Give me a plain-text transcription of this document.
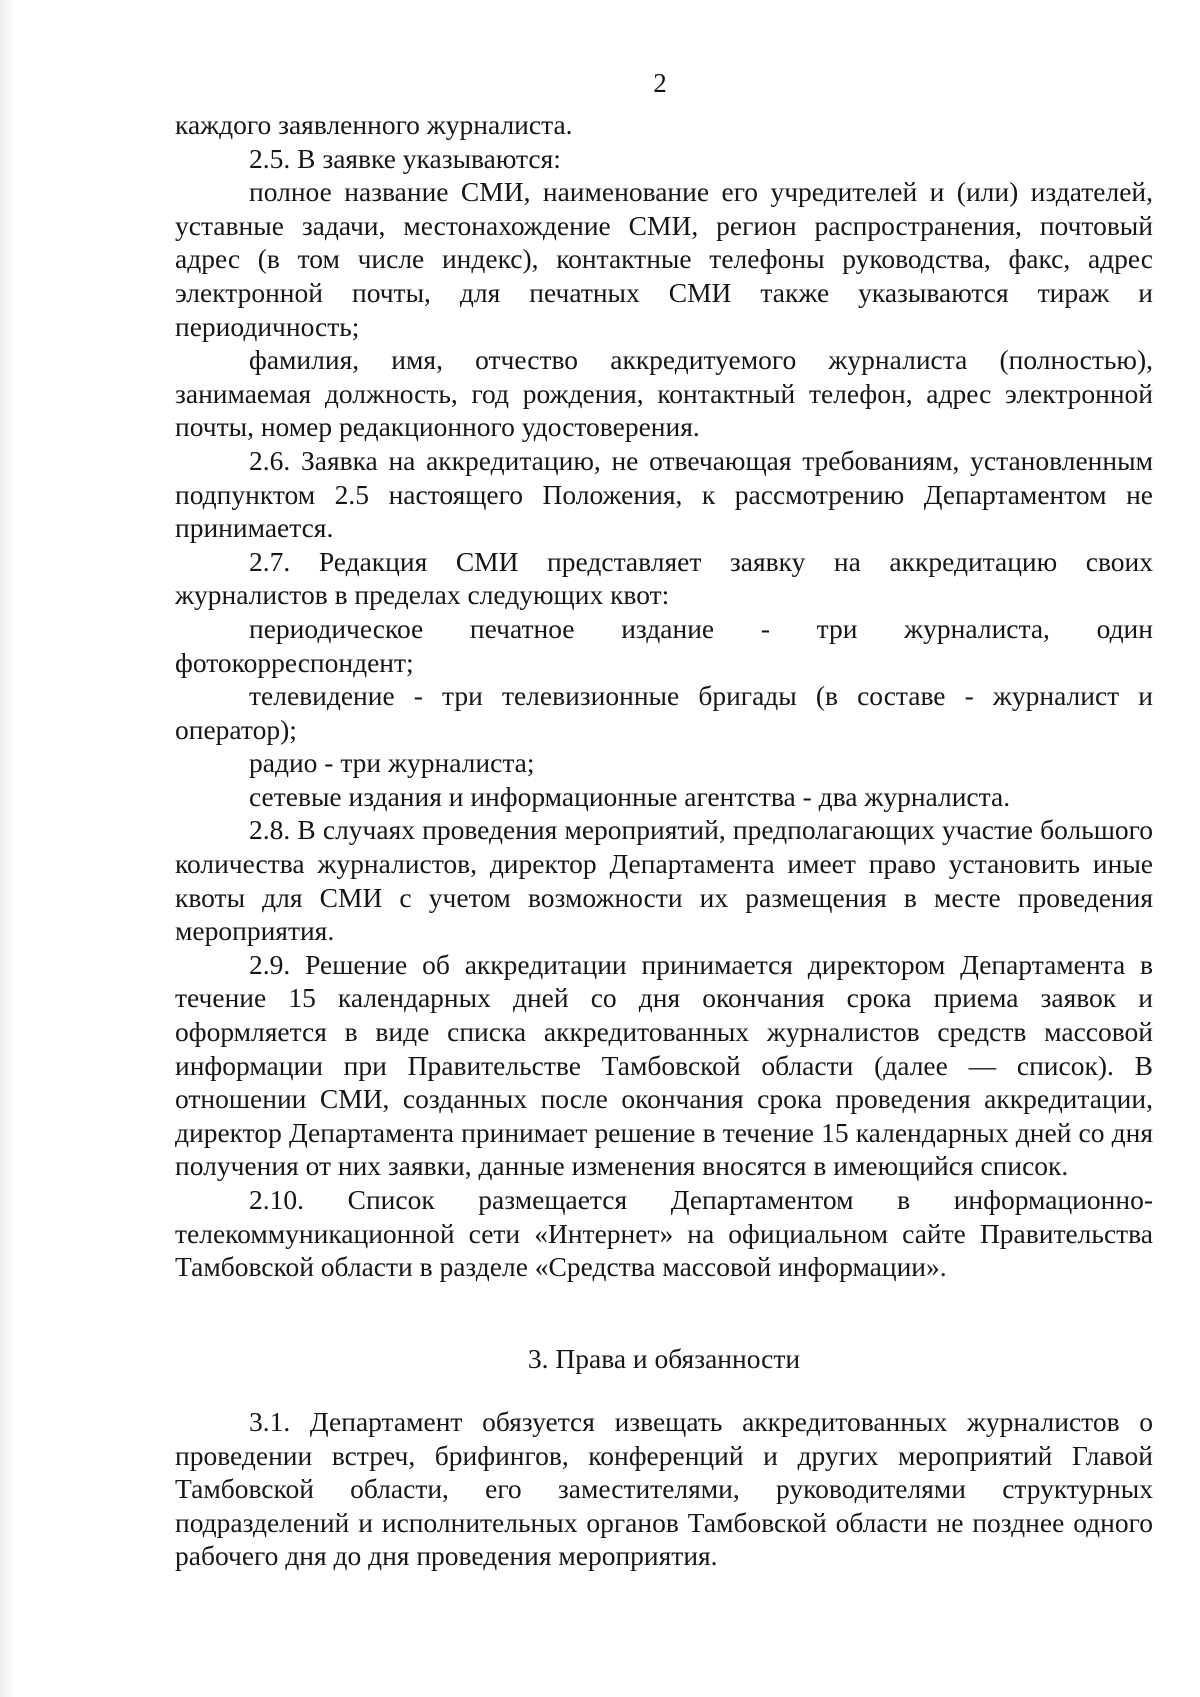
2

каждого заявленного журналиста.

2.5. В заявке указываются:

полное название СМИ, наименование его учредителей и (или) издателей, уставные задачи, местонахождение СМИ, регион распространения, почтовый адрес (в том числе индекс), контактные телефоны руководства, факс, адрес электронной почты, для печатных СМИ также указываются тираж и периодичность;

фамилия, имя, отчество аккредитуемого журналиста (полностью), занимаемая должность, год рождения, контактный телефон, адрес электронной почты, номер редакционного удостоверения.

2.6. Заявка на аккредитацию, не отвечающая требованиям, установленным подпунктом 2.5 настоящего Положения, к рассмотрению Департаментом не принимается.

2.7. Редакция СМИ представляет заявку на аккредитацию своих журналистов в пределах следующих квот:

периодическое печатное издание - три журналиста, один фотокорреспондент;

телевидение - три телевизионные бригады (в составе - журналист и оператор);

радио - три журналиста;

сетевые издания и информационные агентства - два журналиста.

2.8. В случаях проведения мероприятий, предполагающих участие большого количества журналистов, директор Департамента имеет право установить иные квоты для СМИ с учетом возможности их размещения в месте проведения мероприятия.

2.9. Решение об аккредитации принимается директором Департамента в течение 15 календарных дней со дня окончания срока приема заявок и оформляется в виде списка аккредитованных журналистов средств массовой информации при Правительстве Тамбовской области (далее — список). В отношении СМИ, созданных после окончания срока проведения аккредитации, директор Департамента принимает решение в течение 15 календарных дней со дня получения от них заявки, данные изменения вносятся в имеющийся список.

2.10. Список размещается Департаментом в информационно-телекоммуникационной сети «Интернет» на официальном сайте Правительства Тамбовской области в разделе «Средства массовой информации».

3. Права и обязанности

3.1. Департамент обязуется извещать аккредитованных журналистов о проведении встреч, брифингов, конференций и других мероприятий Главой Тамбовской области, его заместителями, руководителями структурных подразделений и исполнительных органов Тамбовской области не позднее одного рабочего дня до дня проведения мероприятия.
